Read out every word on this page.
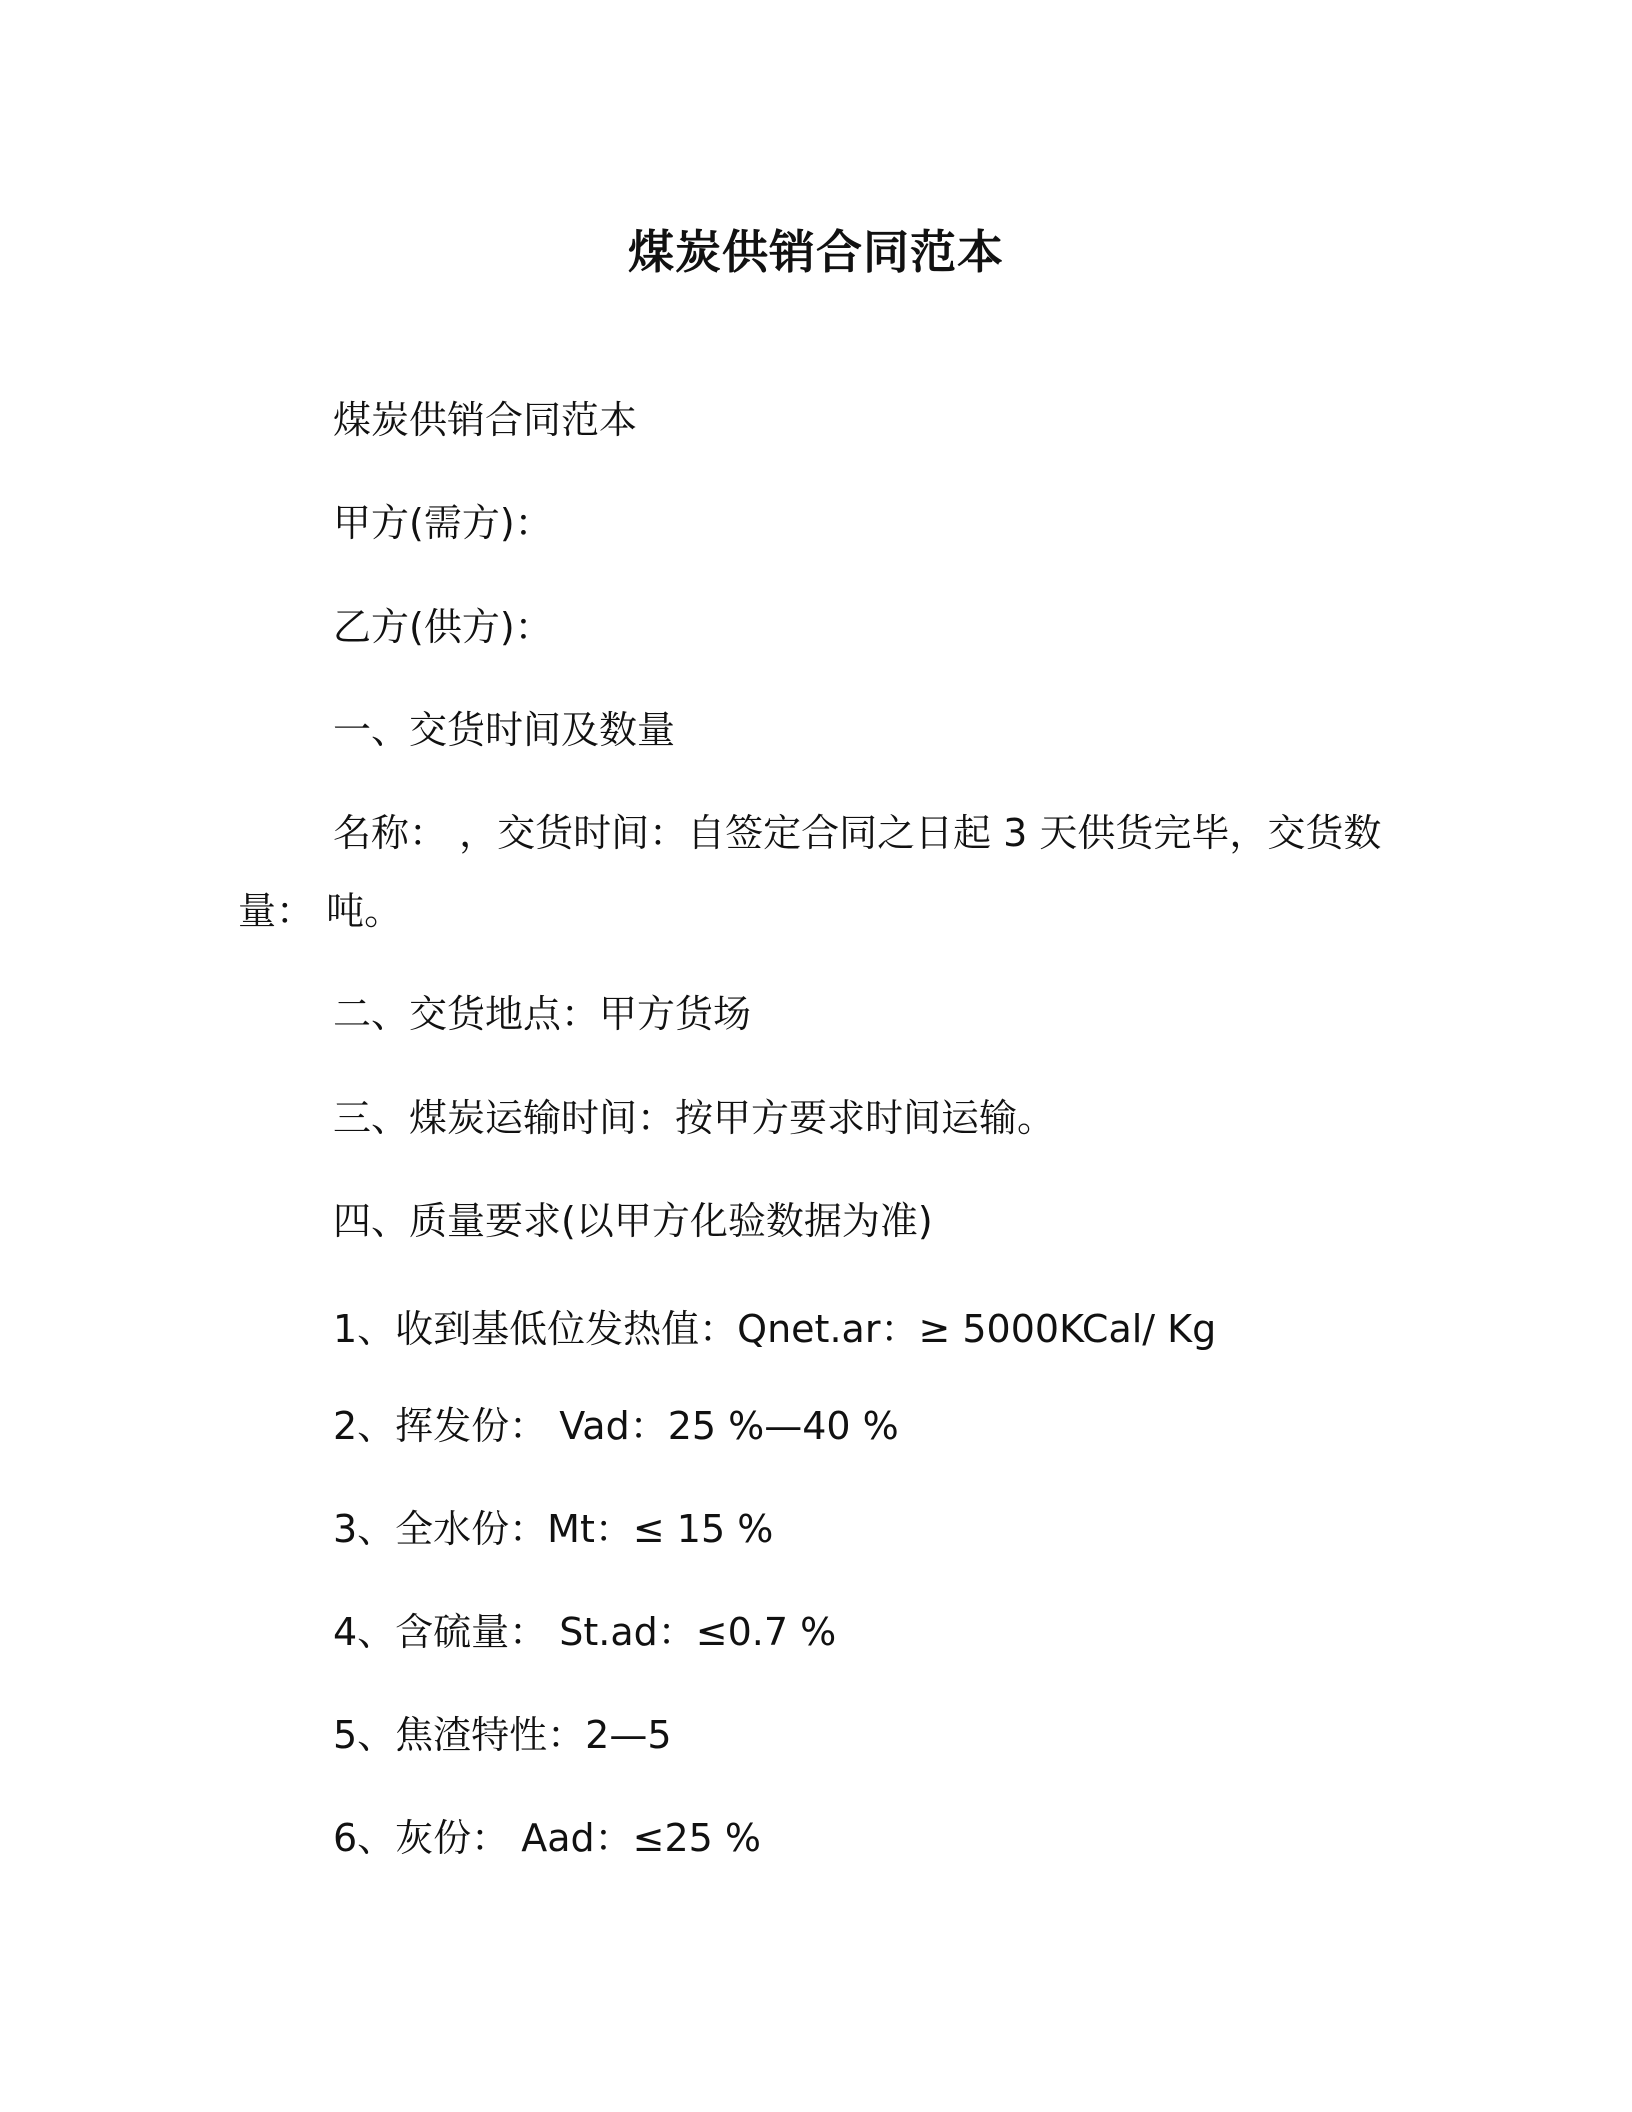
煤炭供销合同范本
煤炭供销合同范本
甲方(需方)：
乙方(供方)：
一、交货时间及数量
名称： ，交货时间：自签定合同之日起 3 天供货完毕，交货数
量： 吨。
二、交货地点：甲方货场
三、煤炭运输时间：按甲方要求时间运输。
四、质量要求(以甲方化验数据为准)
1、收到基低位发热值：Qnet.ar：≥ 5000KCal/ Kg
2、挥发份： Vad：25 %—40 %
3、全水份：Mt：≤ 15 %
4、含硫量： St.ad：≤0.7 %
5、焦渣特性：2—5
6、灰份： Aad：≤25 %
